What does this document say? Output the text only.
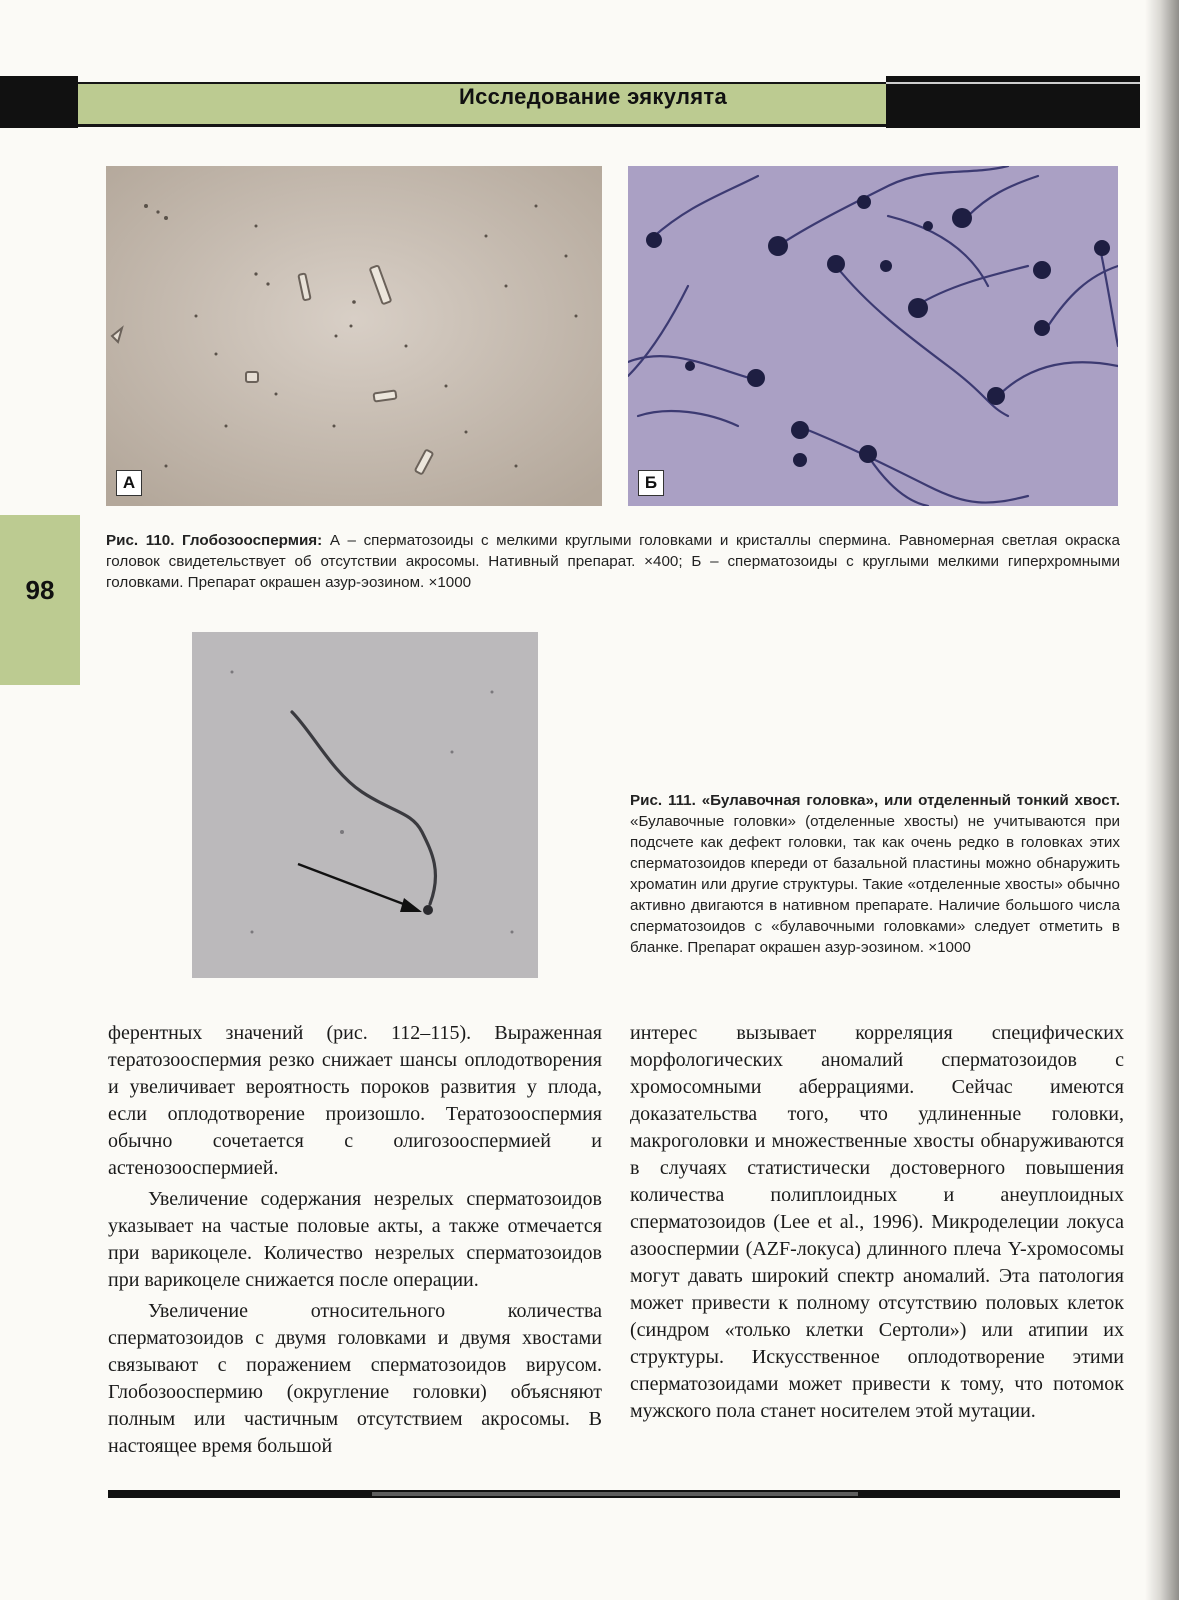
Исследование эякулята
98
А	Б
Рис. 110. Глобозооспермия: А – сперматозоиды с мелкими круглыми головками и кристаллы спермина. Равномерная светлая окраска головок свидетельствует об отсутствии акросомы. Нативный препарат. ×400; Б – сперматозоиды с круглыми мелкими гиперхромными головками. Препарат окрашен азур-эозином. ×1000
Рис. 111. «Булавочная головка», или отделенный тонкий хвост. «Булавочные головки» (отделенные хвосты) не учитываются при подсчете как дефект головки, так как очень редко в головках этих сперматозоидов кпереди от базальной пластины можно обнаружить хроматин или другие структуры. Такие «отделенные хвосты» обычно активно двигаются в нативном препарате. Наличие большого числа сперматозоидов с «булавочными головками» следует отметить в бланке. Препарат окрашен азур-эозином. ×1000

ферентных значений (рис. 112–115). Выраженная тератозооспермия резко снижает шансы оплодотворения и увеличивает вероятность пороков развития у плода, если оплодотворение произошло. Тератозооспермия обычно сочетается с олигозооспермией и астенозооспермией.

Увеличение содержания незрелых сперматозоидов указывает на частые половые акты, а также отмечается при варикоцеле. Количество незрелых сперматозоидов при варикоцеле снижается после операции.

Увеличение относительного количества сперматозоидов с двумя головками и двумя хвостами связывают с поражением сперматозоидов вирусом. Глобозооспермию (округление головки) объясняют полным или частичным отсутствием акросомы. В настоящее время большой

интерес вызывает корреляция специфических морфологических аномалий сперматозоидов с хромосомными аберрациями. Сейчас имеются доказательства того, что удлиненные головки, макроголовки и множественные хвосты обнаруживаются в случаях статистически достоверного повышения количества полиплоидных и анеуплоидных сперматозоидов (Lee et al., 1996). Микроделеции локуса азооспермии (AZF-локуса) длинного плеча Y-хромосомы могут давать широкий спектр аномалий. Эта патология может привести к полному отсутствию половых клеток (синдром «только клетки Сертоли») или атипии их структуры. Искусственное оплодотворение этими сперматозоидами может привести к тому, что потомок мужского пола станет носителем этой мутации.
